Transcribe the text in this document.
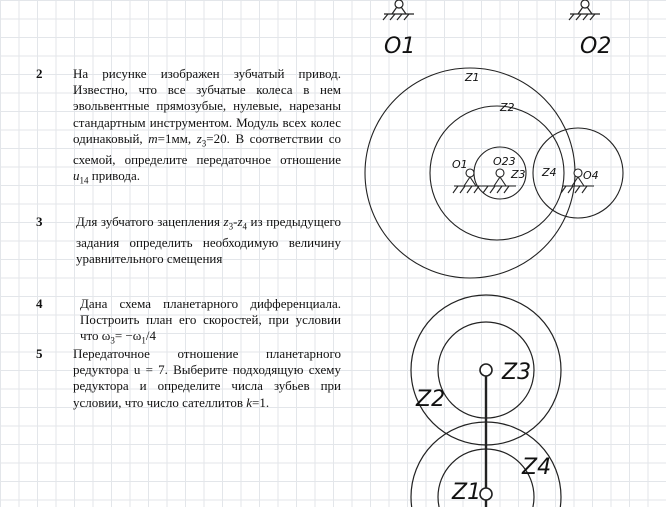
2
3
4
5

На рисунке изображен зубчатый привод. Известно, что все зубчатые колеса в нем эвольвентные прямозубые, нулевые, нарезаны стандартным инструментом. Модуль всех колес одинаковый, m=1мм, $z_3=20$. В соответствии со схемой, определите передаточное отношение $u_{14}$ привода.

Для зубчатого зацепления $z_3-z_4$ из предыдущего задания определить необходимую величину уравнительного смещения

Дана схема планетарного дифференциала. Построить план его скоростей, при условии что $\omega_3= -\omega_1/4$

Передаточное отношение планетарного редуктора u = 7. Выберите подходящую схему редуктора и определите числа зубьев при условии, что число сателлитов k=1.

O1	O2
Z1
Z2
O1 O23
Z3 Z4 O4
Z3
Z2
Z4
Z1
